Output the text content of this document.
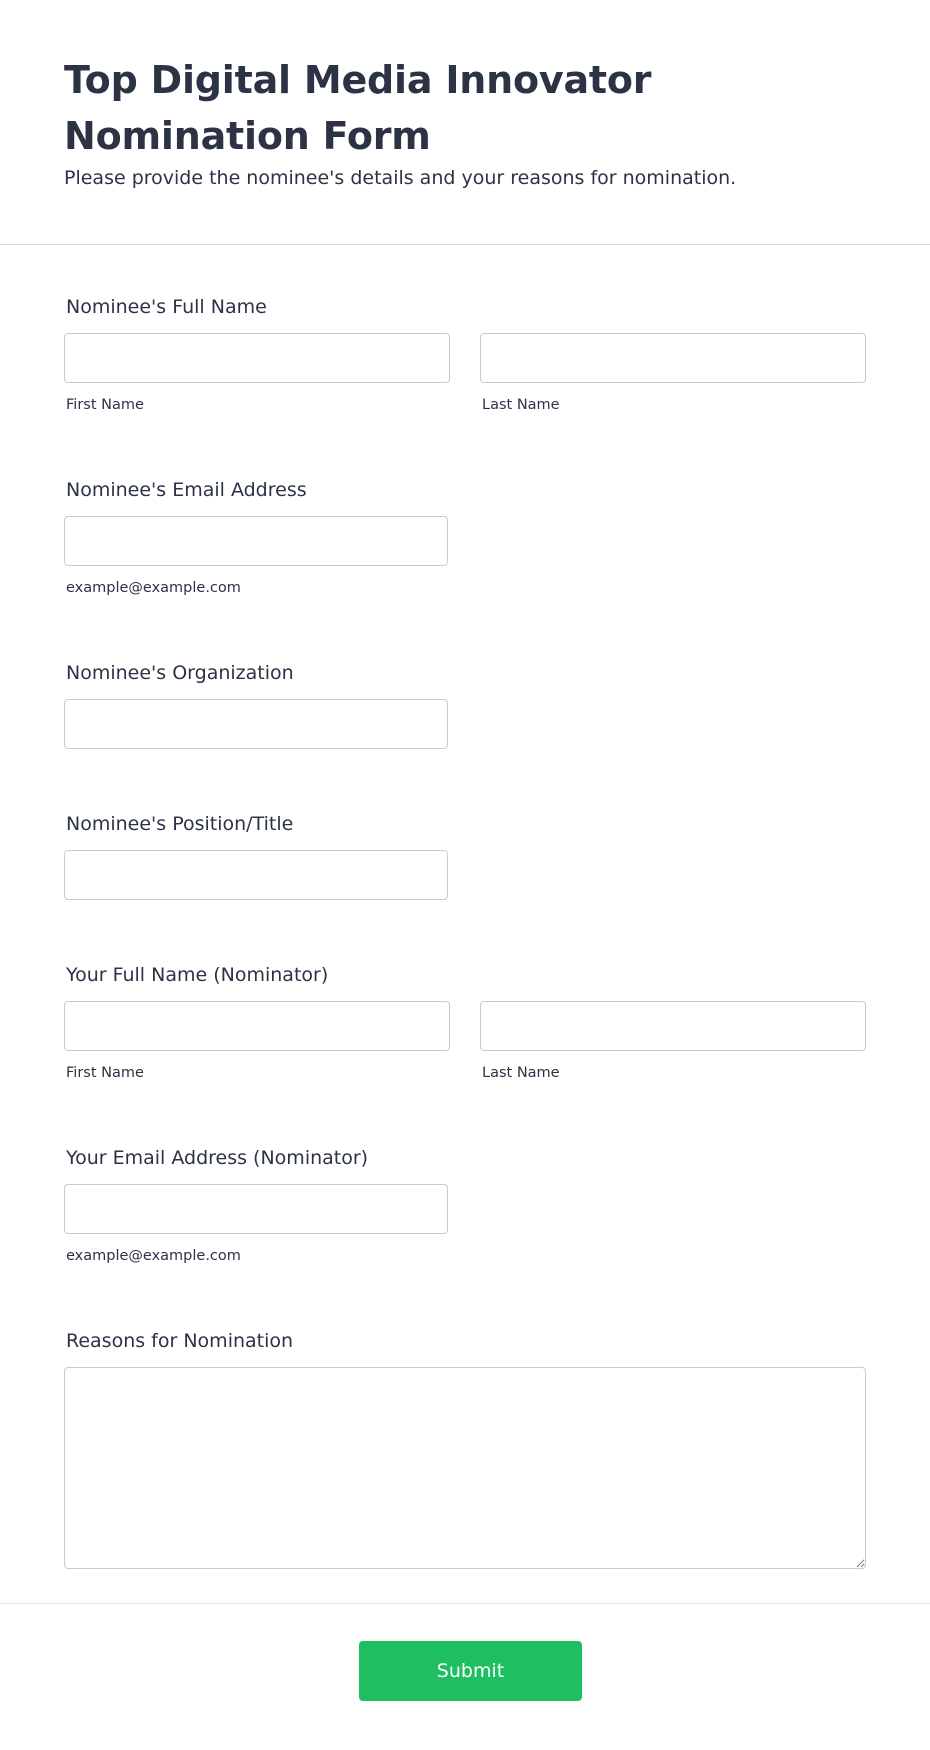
Top Digital Media Innovator Nomination Form

Please provide the nominee's details and your reasons for nomination.

Nominee's Full Name
First Name	Last Name
Nominee's Email Address
example@example.com
Nominee's Organization
Nominee's Position/Title
Your Full Name (Nominator)
First Name	Last Name
Your Email Address (Nominator)
example@example.com
Reasons for Nomination
Submit
